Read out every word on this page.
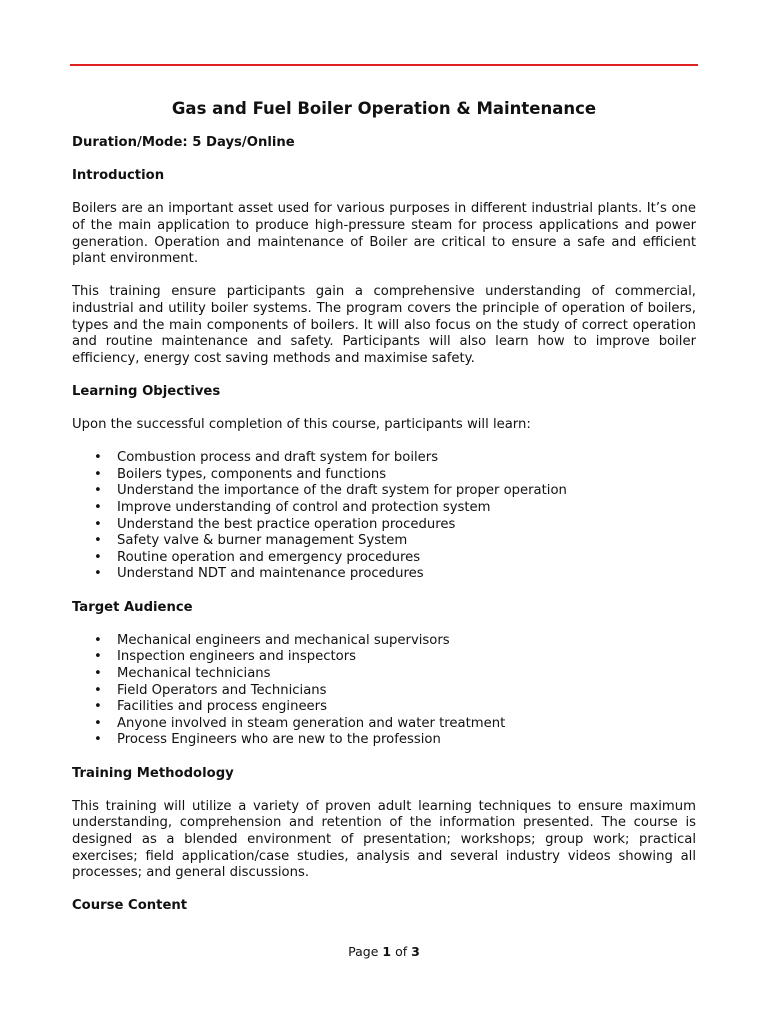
Gas and Fuel Boiler Operation & Maintenance
Duration/Mode: 5 Days/Online
Introduction
Boilers are an important asset used for various purposes in different industrial plants. It’s one of the main application to produce high-pressure steam for process applications and power generation. Operation and maintenance of Boiler are critical to ensure a safe and efficient plant environment.
This training ensure participants gain a comprehensive understanding of commercial, industrial and utility boiler systems. The program covers the principle of operation of boilers, types and the main components of boilers. It will also focus on the study of correct operation and routine maintenance and safety. Participants will also learn how to improve boiler efficiency, energy cost saving methods and maximise safety.
Learning Objectives
Upon the successful completion of this course, participants will learn:
• Combustion process and draft system for boilers
• Boilers types, components and functions
• Understand the importance of the draft system for proper operation
• Improve understanding of control and protection system
• Understand the best practice operation procedures
• Safety valve & burner management System
• Routine operation and emergency procedures
• Understand NDT and maintenance procedures
Target Audience
• Mechanical engineers and mechanical supervisors
• Inspection engineers and inspectors
• Mechanical technicians
• Field Operators and Technicians
• Facilities and process engineers
• Anyone involved in steam generation and water treatment
• Process Engineers who are new to the profession
Training Methodology
This training will utilize a variety of proven adult learning techniques to ensure maximum understanding, comprehension and retention of the information presented. The course is designed as a blended environment of presentation; workshops; group work; practical exercises; field application/case studies, analysis and several industry videos showing all processes; and general discussions.
Course Content
Page 1 of 3
